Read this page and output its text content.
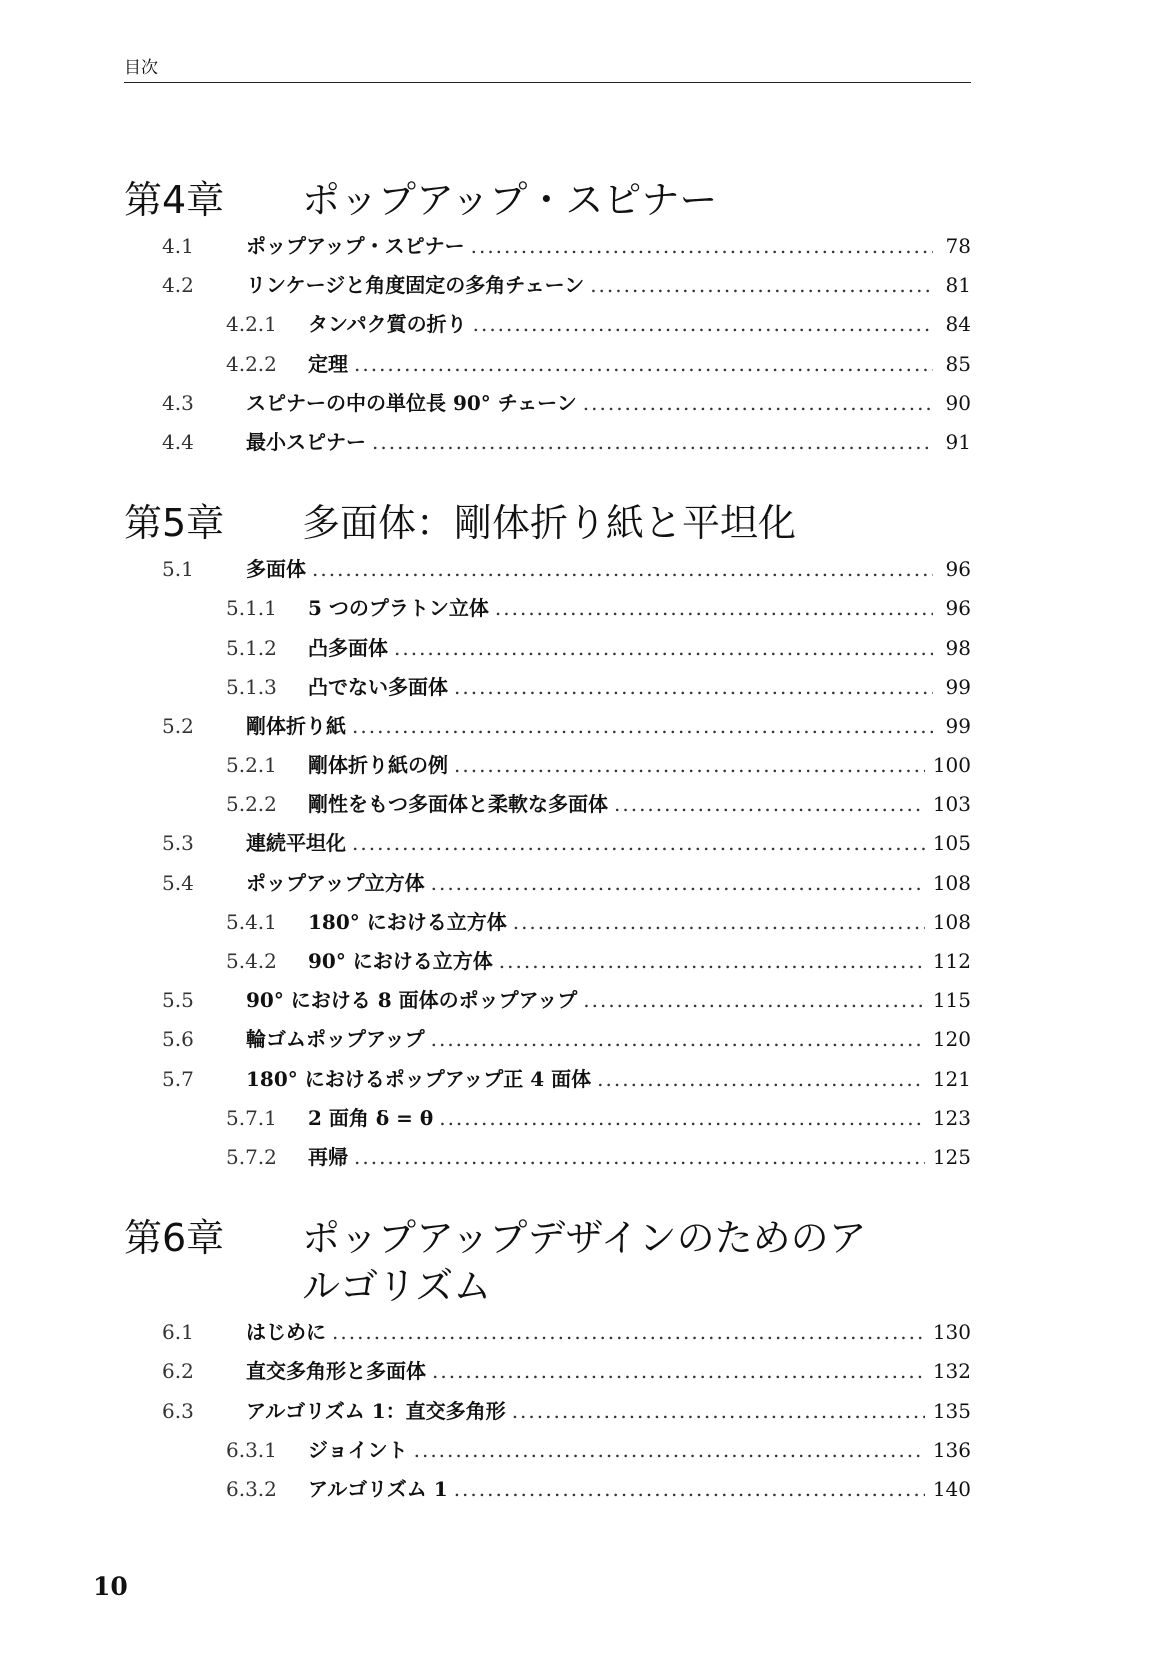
目次
第4章	ポップアップ・スピナー
4.1	ポップアップ・スピナー .....	78
4.2	リンケージと角度固定の多角チェーン .....	81
4.2.1	タンパク質の折り .....	84
4.2.2	定理 .....	85
4.3	スピナーの中の単位長 90° チェーン .....	90
4.4	最小スピナー .....	91
第5章	多面体：剛体折り紙と平坦化
5.1	多面体 .....	96
5.1.1	5 つのプラトン立体 .....	96
5.1.2	凸多面体 .....	98
5.1.3	凸でない多面体 .....	99
5.2	剛体折り紙 .....	99
5.2.1	剛体折り紙の例 .....	100
5.2.2	剛性をもつ多面体と柔軟な多面体 .....	103
5.3	連続平坦化 .....	105
5.4	ポップアップ立方体 .....	108
5.4.1	180° における立方体 .....	108
5.4.2	90° における立方体 .....	112
5.5	90° における 8 面体のポップアップ .....	115
5.6	輪ゴムポップアップ .....	120
5.7	180° におけるポップアップ正 4 面体 .....	121
5.7.1	2 面角 δ = θ .....	123
5.7.2	再帰 .....	125
第6章	ポップアップデザインのためのアルゴリズム
6.1	はじめに .....	130
6.2	直交多角形と多面体 .....	132
6.3	アルゴリズム 1：直交多角形 .....	135
6.3.1	ジョイント .....	136
6.3.2	アルゴリズム 1 .....	140
10
